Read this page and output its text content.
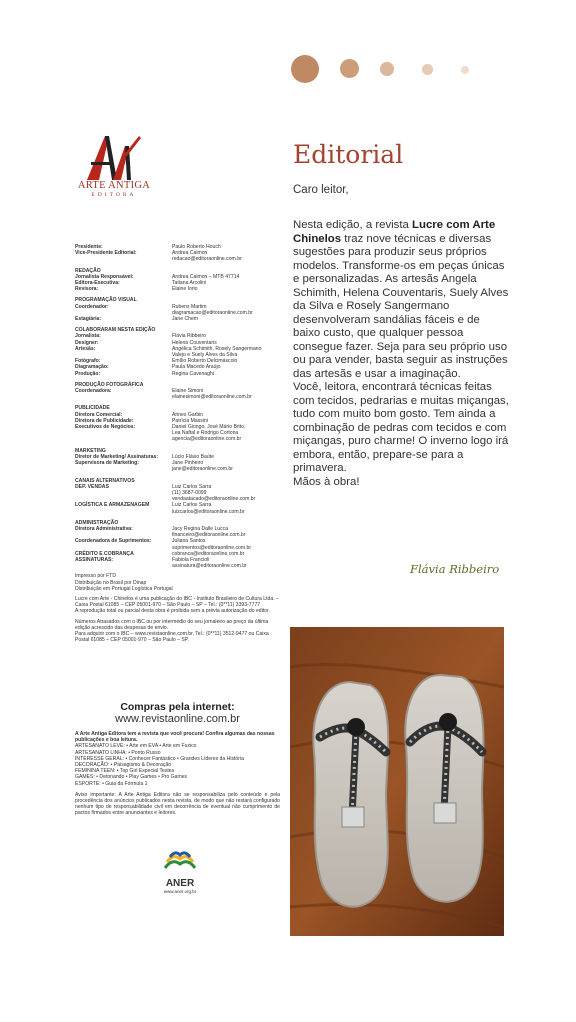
ARTE ANTIGA
EDITORA
Presidente:	Paulo Roberto Houch
Vice-Presidente Editorial:	Andrea Calmon
redacao@editoraonline.com.br
REDAÇÃO
Jornalista Responsável:	Andrea Calmon – MTB 47714
Editora-Executiva:	Tatiana Arcolini
Revisora:	Elaine Iorio
PROGRAMAÇÃO VISUAL
Coordenador:	Rubens Martim
diagramacao@editoraonline.com.br
Estagiária:	Jane Chem
COLABORARAM NESTA EDIÇÃO
Jornalista:	Flávia Ribbeiro
Designer:	Helena Couventaris
Artesãs:	Angélica Schimith, Rosely Sangermano
Valejo e Suely Alves da Silva
Fotógrafo:	Emílio Roberto Delcimáscolo
Diagramação:	Paula Macedo Araújo
Produção:	Regina Cavenaghi
PRODUÇÃO FOTOGRÁFICA
Coordenadora:	Elaine Simoni
elainesimoni@editoraonline.com.br
PUBLICIDADE
Diretora Comercial:	Arines Garbin
Diretora de Publicidade:	Patrícia Massini
Executivos de Negócios:	Daniel Giongo, José Mário Brito,
Lea Naftal e Rodrigo Cortona
agencia@editoraonline.com.br
MARKETING
Diretor de Marketing/ Assinaturas:	Lúcio Flávio Baúte
Supervisora de Marketing:	Jane Pinheiro
jane@editoraonline.com.br
CANAIS ALTERNATIVOS
DEP. VENDAS	Luiz Carlos Sarra
(11) 3687-0099
vendaatacado@editoraonline.com.br
LOGÍSTICA E ARMAZENAGEM	Luiz Carlos Sarra
luizcarlos@editoraonline.com.br
ADMINISTRAÇÃO
Diretora Administrativa:	Jacy Regina Dalle Lucca
financeiro@editoraonline.com.br
Coordenadora de Suprimentos:	Juliana Santos
suprimentos@editoraonline.com.br
CRÉDITO E COBRANÇA	cobranca@editoraonline.com.br
ASSINATURAS:	Fabiola Francioli
assinatura@editoraonline.com.br
Impresso por FTD
Distribuição no Brasil por Dinap
Distribuição em Portugal Logística Portugal
Lucre com Arte - Chinelos é uma publicação do IBC - Instituto Brasileiro de Cultura Ltda. – Caixa Postal 61085 – CEP 05001-970 – São Paulo – SP – Tel.: (0**11) 3393-7777
A reprodução total ou parcial desta obra é proibida sem a prévia autorização do editor.
Números Atrasados com o IBC ou por intermédio do seu jornaleiro ao preço da última edição acrescido das despesas de envio.
Para adquirir com o IBC – www.revistaonline.com.br, Tel.: (0**11) 3512-9477 ou Caixa Postal 61085 – CEP 05001-970 – São Paulo – SP.
Compras pela internet:
www.revistaonline.com.br
A Arte Antiga Editora tem a revista que você procura! Confira algumas das nossas publicações e boa leitura.
ARTESANATO LEVE: • Arte em EVA • Arte em Fuxico
ARTESANATO LINHA: • Ponto Russo
INTERESSE GERAL: • Conhecer Fantástico • Grandes Líderes da História
DECORAÇÃO: • Paisagismo & Decoração
FEMININA TEEN: • Top Girl Especial Testes
GAMES: • Detonando • Play Games • Pro Games
ESPORTE: • Guia da Fórmula 1
Aviso importante: A Arte Antiga Editora não se responsabiliza pelo conteúdo e pela procedência dos anúncios publicados nesta revista, de modo que não restará configurado nenhum tipo de responsabilidade civil em decorrência de eventual não cumprimento de pactos firmados entre anunciantes e leitores.
ANER
www.aner.org.br
Editorial
Caro leitor,
Nesta edição, a revista Lucre com Arte Chinelos traz nove técnicas e diversas sugestões para produzir seus próprios modelos. Transforme-os em peças únicas e personalizadas. As artesãs Angela Schimith, Helena Couventaris, Suely Alves da Silva e Rosely Sangermano desenvolveram sandálias fáceis e de baixo custo, que qualquer pessoa consegue fazer. Seja para seu próprio uso ou para vender, basta seguir as instruções das artesãs e usar a imaginação.
Você, leitora, encontrará técnicas feitas com tecidos, pedrarias e muitas miçangas, tudo com muito bom gosto. Tem ainda a combinação de pedras com tecidos e com miçangas, puro charme! O inverno logo irá embora, então, prepare-se para a primavera.
Mãos à obra!
Flávia Ribbeiro
